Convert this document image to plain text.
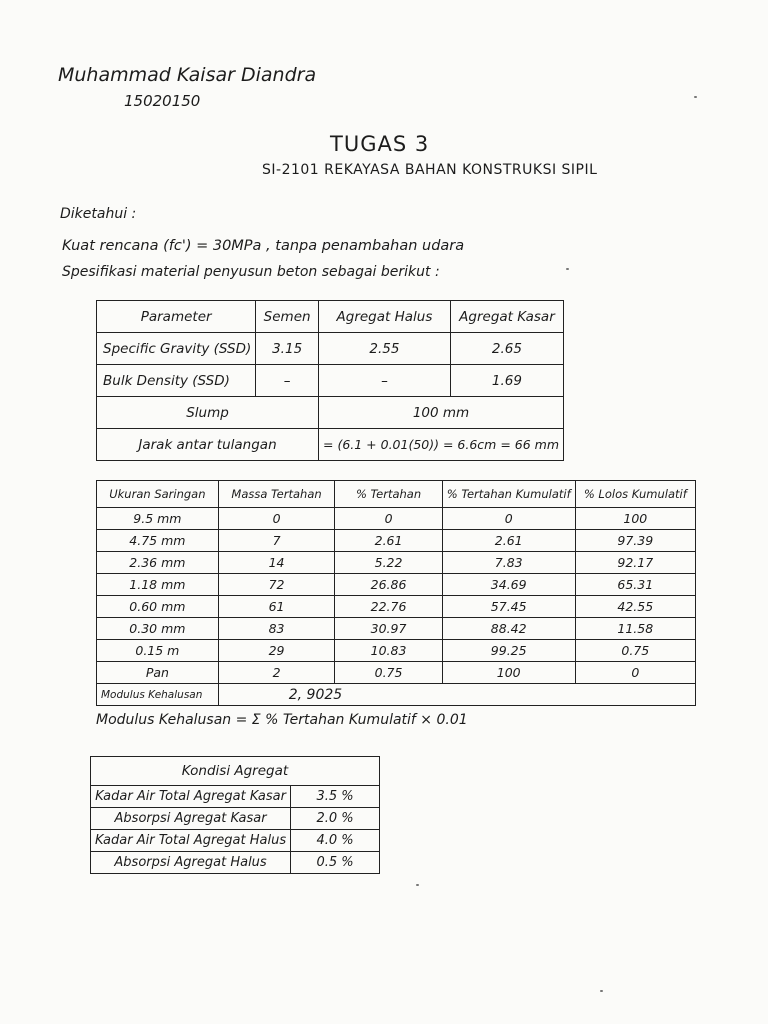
Muhammad Kaisar Diandra
15020150
TUGAS 3
SI-2101 REKAYASA BAHAN KONSTRUKSI SIPIL
Diketahui :
Kuat rencana (fc') = 30MPa , tanpa penambahan udara
Spesifikasi material penyusun beton sebagai berikut :
Parameter	Semen	Agregat Halus	Agregat Kasar
Specific Gravity (SSD)	3.15	2.55	2.65
Bulk Density (SSD)	–	–	1.69
Slump		100 mm	
Jarak antar tulangan		= (6.1 + 0.01(50)) = 6.6cm = 66 mm	
Ukuran Saringan	Massa Tertahan	% Tertahan	% Tertahan Kumulatif	% Lolos Kumulatif
9.5 mm	0	0	0	100
4.75 mm	7	2.61	2.61	97.39
2.36 mm	14	5.22	7.83	92.17
1.18 mm	72	26.86	34.69	65.31
0.60 mm	61	22.76	57.45	42.55
0.30 mm	83	30.97	88.42	11.58
0.15 m	29	10.83	99.25	0.75
Pan	2	0.75	100	0
Modulus Kehalusan	2, 9025			
Modulus Kehalusan = Σ % Tertahan Kumulatif × 0.01
Kondisi Agregat	
Kadar Air Total Agregat Kasar	3.5 %
Absorpsi Agregat Kasar	2.0 %
Kadar Air Total Agregat Halus	4.0 %
Absorpsi Agregat Halus	0.5 %
